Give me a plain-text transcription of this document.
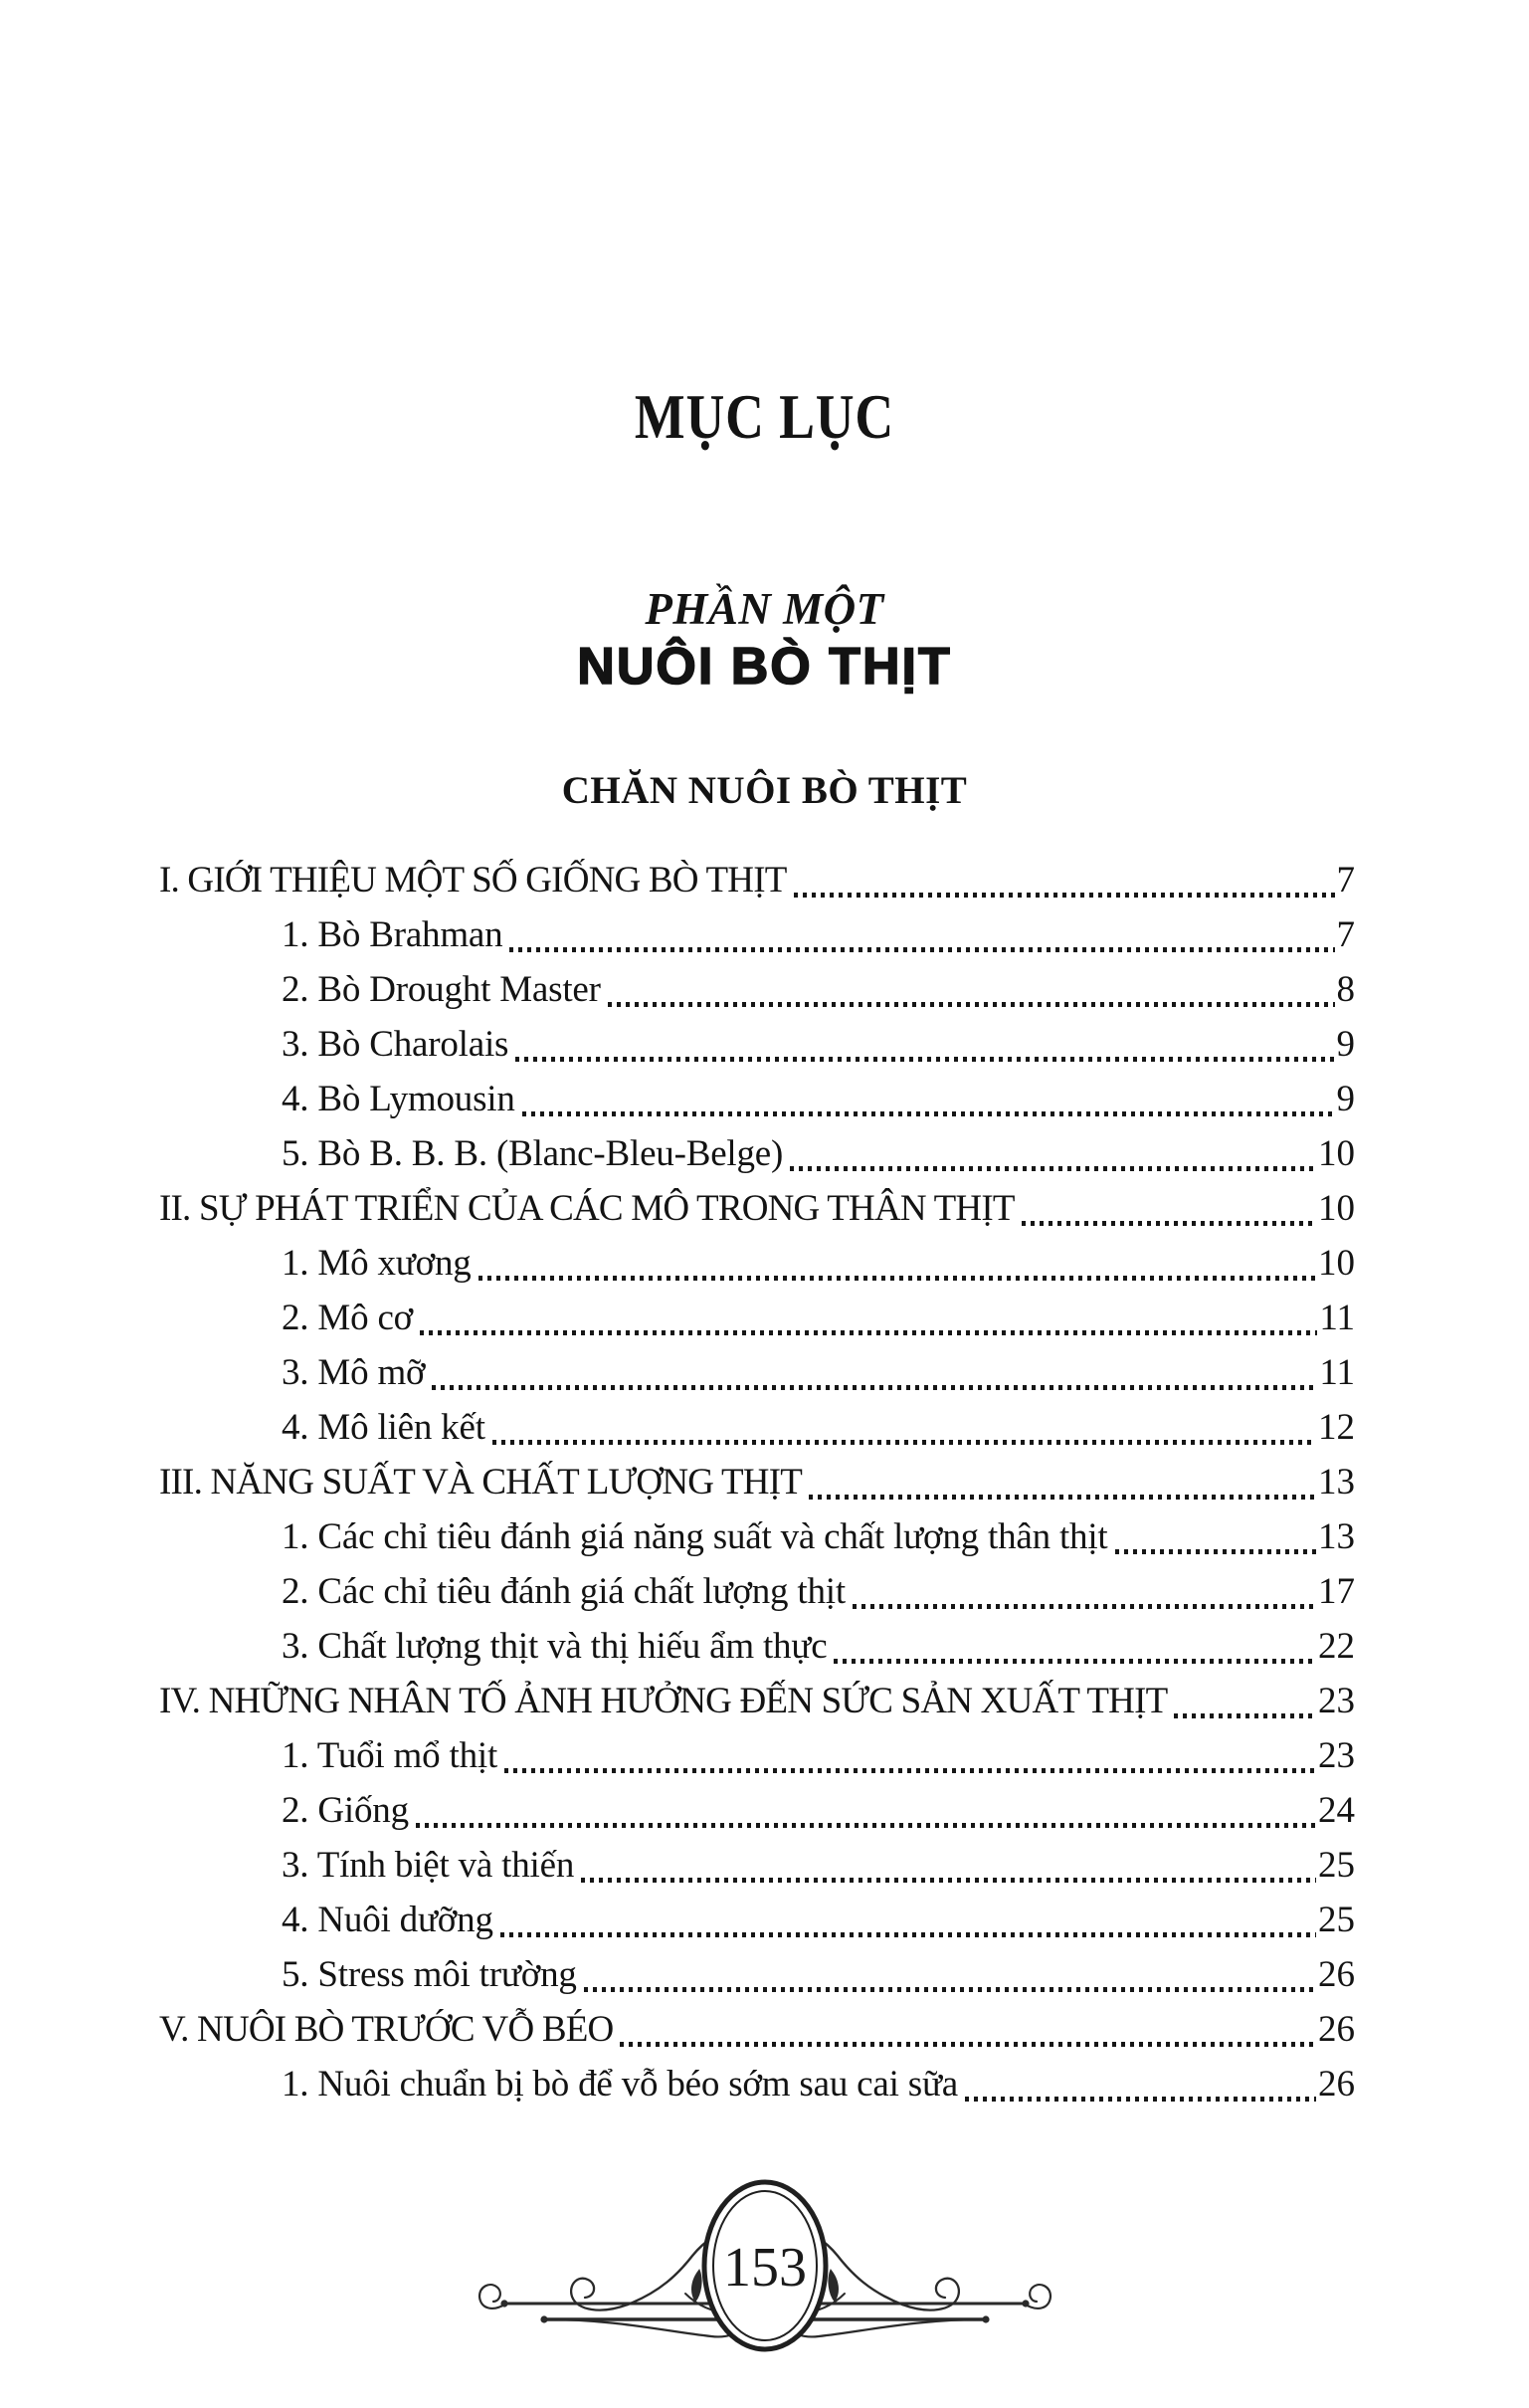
MỤC LỤC
PHẦN MỘT
NUÔI BÒ THỊT
CHĂN NUÔI BÒ THỊT
I. GIỚI THIỆU MỘT SỐ GIỐNG BÒ THỊT	7
1. Bò Brahman	7
2. Bò Drought Master	8
3. Bò Charolais	9
4. Bò Lymousin	9
5. Bò B. B. B. (Blanc-Bleu-Belge)	10
II. SỰ PHÁT TRIỂN CỦA CÁC MÔ TRONG THÂN THỊT	10
1. Mô xương	10
2. Mô cơ	11
3. Mô mỡ	11
4. Mô liên kết	12
III. NĂNG SUẤT VÀ CHẤT LƯỢNG THỊT	13
1. Các chỉ tiêu đánh giá năng suất và chất lượng thân thịt	13
2. Các chỉ tiêu đánh giá chất lượng thịt	17
3. Chất lượng thịt và thị hiếu ẩm thực	22
IV. NHỮNG NHÂN TỐ ẢNH HƯỞNG ĐẾN SỨC SẢN XUẤT THỊT	23
1. Tuổi mổ thịt	23
2. Giống	24
3. Tính biệt và thiến	25
4. Nuôi dưỡng	25
5. Stress môi trường	26
V. NUÔI BÒ TRƯỚC VỖ BÉO	26
1. Nuôi chuẩn bị bò để vỗ béo sớm sau cai sữa	26
153
